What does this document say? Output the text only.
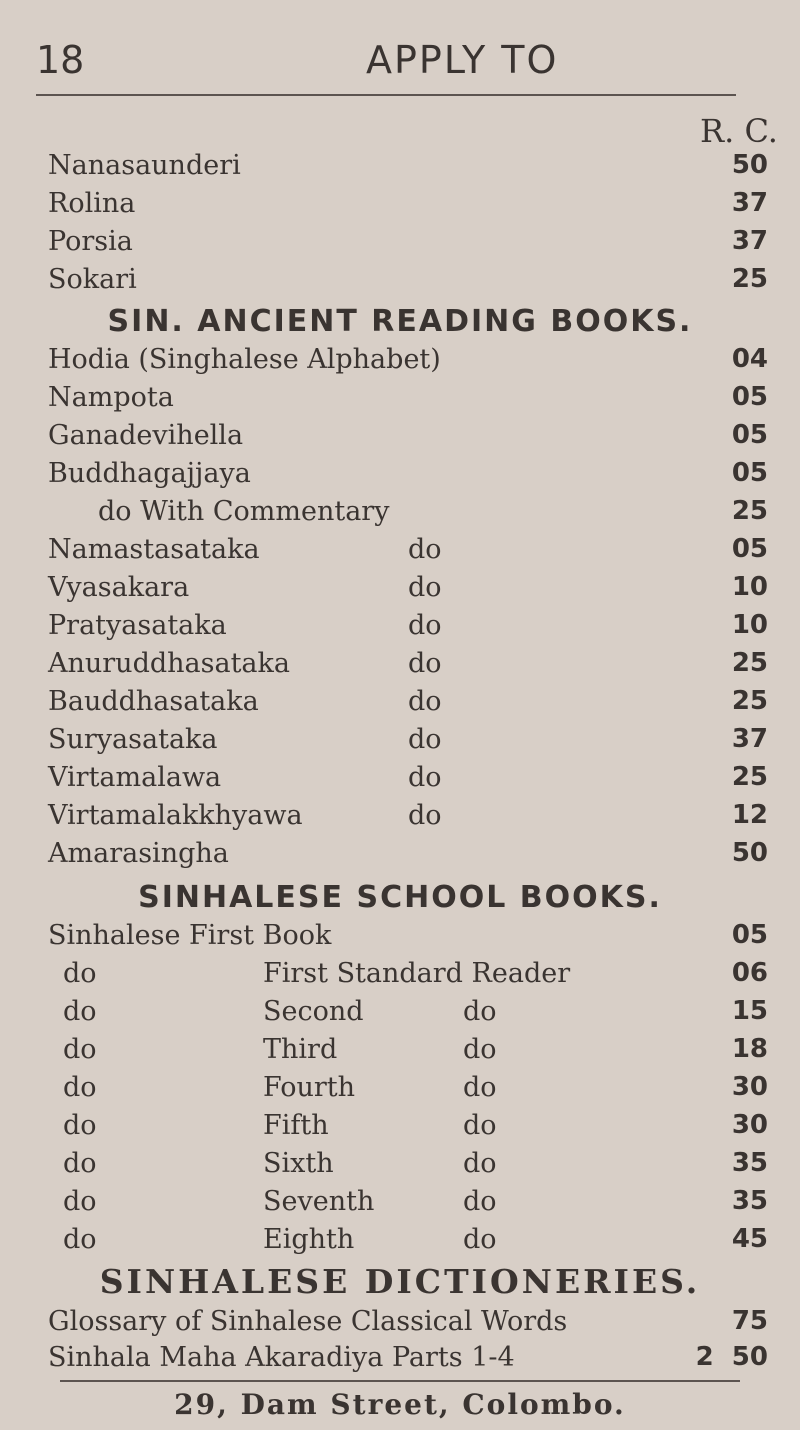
18	APPLY TO
R. C.
Nanasaunderi	50
Rolina	37
Porsia	37
Sokari	25
SIN. ANCIENT READING BOOKS.
Hodia (Singhalese Alphabet)	04
Nampota	05
Ganadevihella	05
Buddhagajjaya	05
do With Commentary	25
Namastasataka	do	05
Vyasakara	do	10
Pratyasataka	do	10
Anuruddhasataka	do	25
Bauddhasataka	do	25
Suryasataka	do	37
Virtamalawa	do	25
Virtamalakkhyawa	do	12
Amarasingha	50
SINHALESE SCHOOL BOOKS.
Sinhalese First Book	05
do	First Standard Reader	06
do	Second	do	15
do	Third	do	18
do	Fourth	do	30
do	Fifth	do	30
do	Sixth	do	35
do	Seventh	do	35
do	Eighth	do	45
SINHALESE DICTIONERIES.
Glossary of Sinhalese Classical Words	75
Sinhala Maha Akaradiya Parts 1-4	2  50
29, Dam Street, Colombo.
